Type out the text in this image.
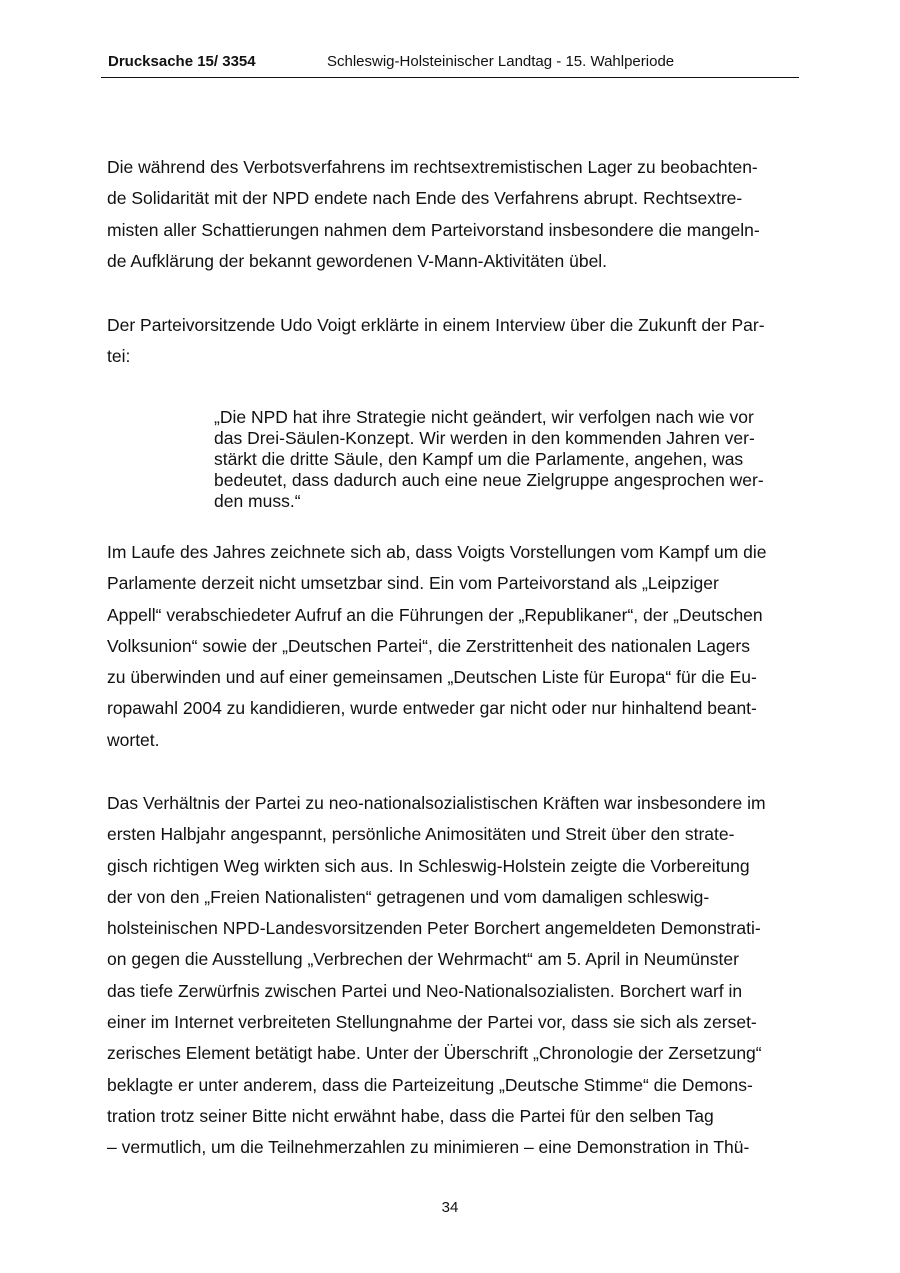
Drucksache 15/ 3354	Schleswig-Holsteinischer Landtag - 15. Wahlperiode

Die während des Verbotsverfahrens im rechtsextremistischen Lager zu beobachten-
de Solidarität mit der NPD endete nach Ende des Verfahrens abrupt. Rechtsextre-
misten aller Schattierungen nahmen dem Parteivorstand insbesondere die mangeln-
de Aufklärung der bekannt gewordenen V-Mann-Aktivitäten übel.

Der Parteivorsitzende Udo Voigt erklärte in einem Interview über die Zukunft der Par-
tei:

„Die NPD hat ihre Strategie nicht geändert, wir verfolgen nach wie vor
das Drei-Säulen-Konzept. Wir werden in den kommenden Jahren ver-
stärkt die dritte Säule, den Kampf um die Parlamente, angehen, was
bedeutet, dass dadurch auch eine neue Zielgruppe angesprochen wer-
den muss.“

Im Laufe des Jahres zeichnete sich ab, dass Voigts Vorstellungen vom Kampf um die
Parlamente derzeit nicht umsetzbar sind. Ein vom Parteivorstand als „Leipziger
Appell“ verabschiedeter Aufruf an die Führungen der „Republikaner“, der „Deutschen
Volksunion“ sowie der „Deutschen Partei“, die Zerstrittenheit des nationalen Lagers
zu überwinden und auf einer gemeinsamen „Deutschen Liste für Europa“ für die Eu-
ropawahl 2004 zu kandidieren, wurde entweder gar nicht oder nur hinhaltend beant-
wortet.

Das Verhältnis der Partei zu neo-nationalsozialistischen Kräften war insbesondere im
ersten Halbjahr angespannt, persönliche Animositäten und Streit über den strate-
gisch richtigen Weg wirkten sich aus. In Schleswig-Holstein zeigte die Vorbereitung
der von den „Freien Nationalisten“ getragenen und vom damaligen schleswig-
holsteinischen NPD-Landesvorsitzenden Peter Borchert angemeldeten Demonstrati-
on gegen die Ausstellung „Verbrechen der Wehrmacht“ am 5. April in Neumünster
das tiefe Zerwürfnis zwischen Partei und Neo-Nationalsozialisten. Borchert warf in
einer im Internet verbreiteten Stellungnahme der Partei vor, dass sie sich als zerset-
zerisches Element betätigt habe. Unter der Überschrift „Chronologie der Zersetzung“
beklagte er unter anderem, dass die Parteizeitung „Deutsche Stimme“ die Demons-
tration trotz seiner Bitte nicht erwähnt habe, dass die Partei für den selben Tag
– vermutlich, um die Teilnehmerzahlen zu minimieren – eine Demonstration in Thü-

34
